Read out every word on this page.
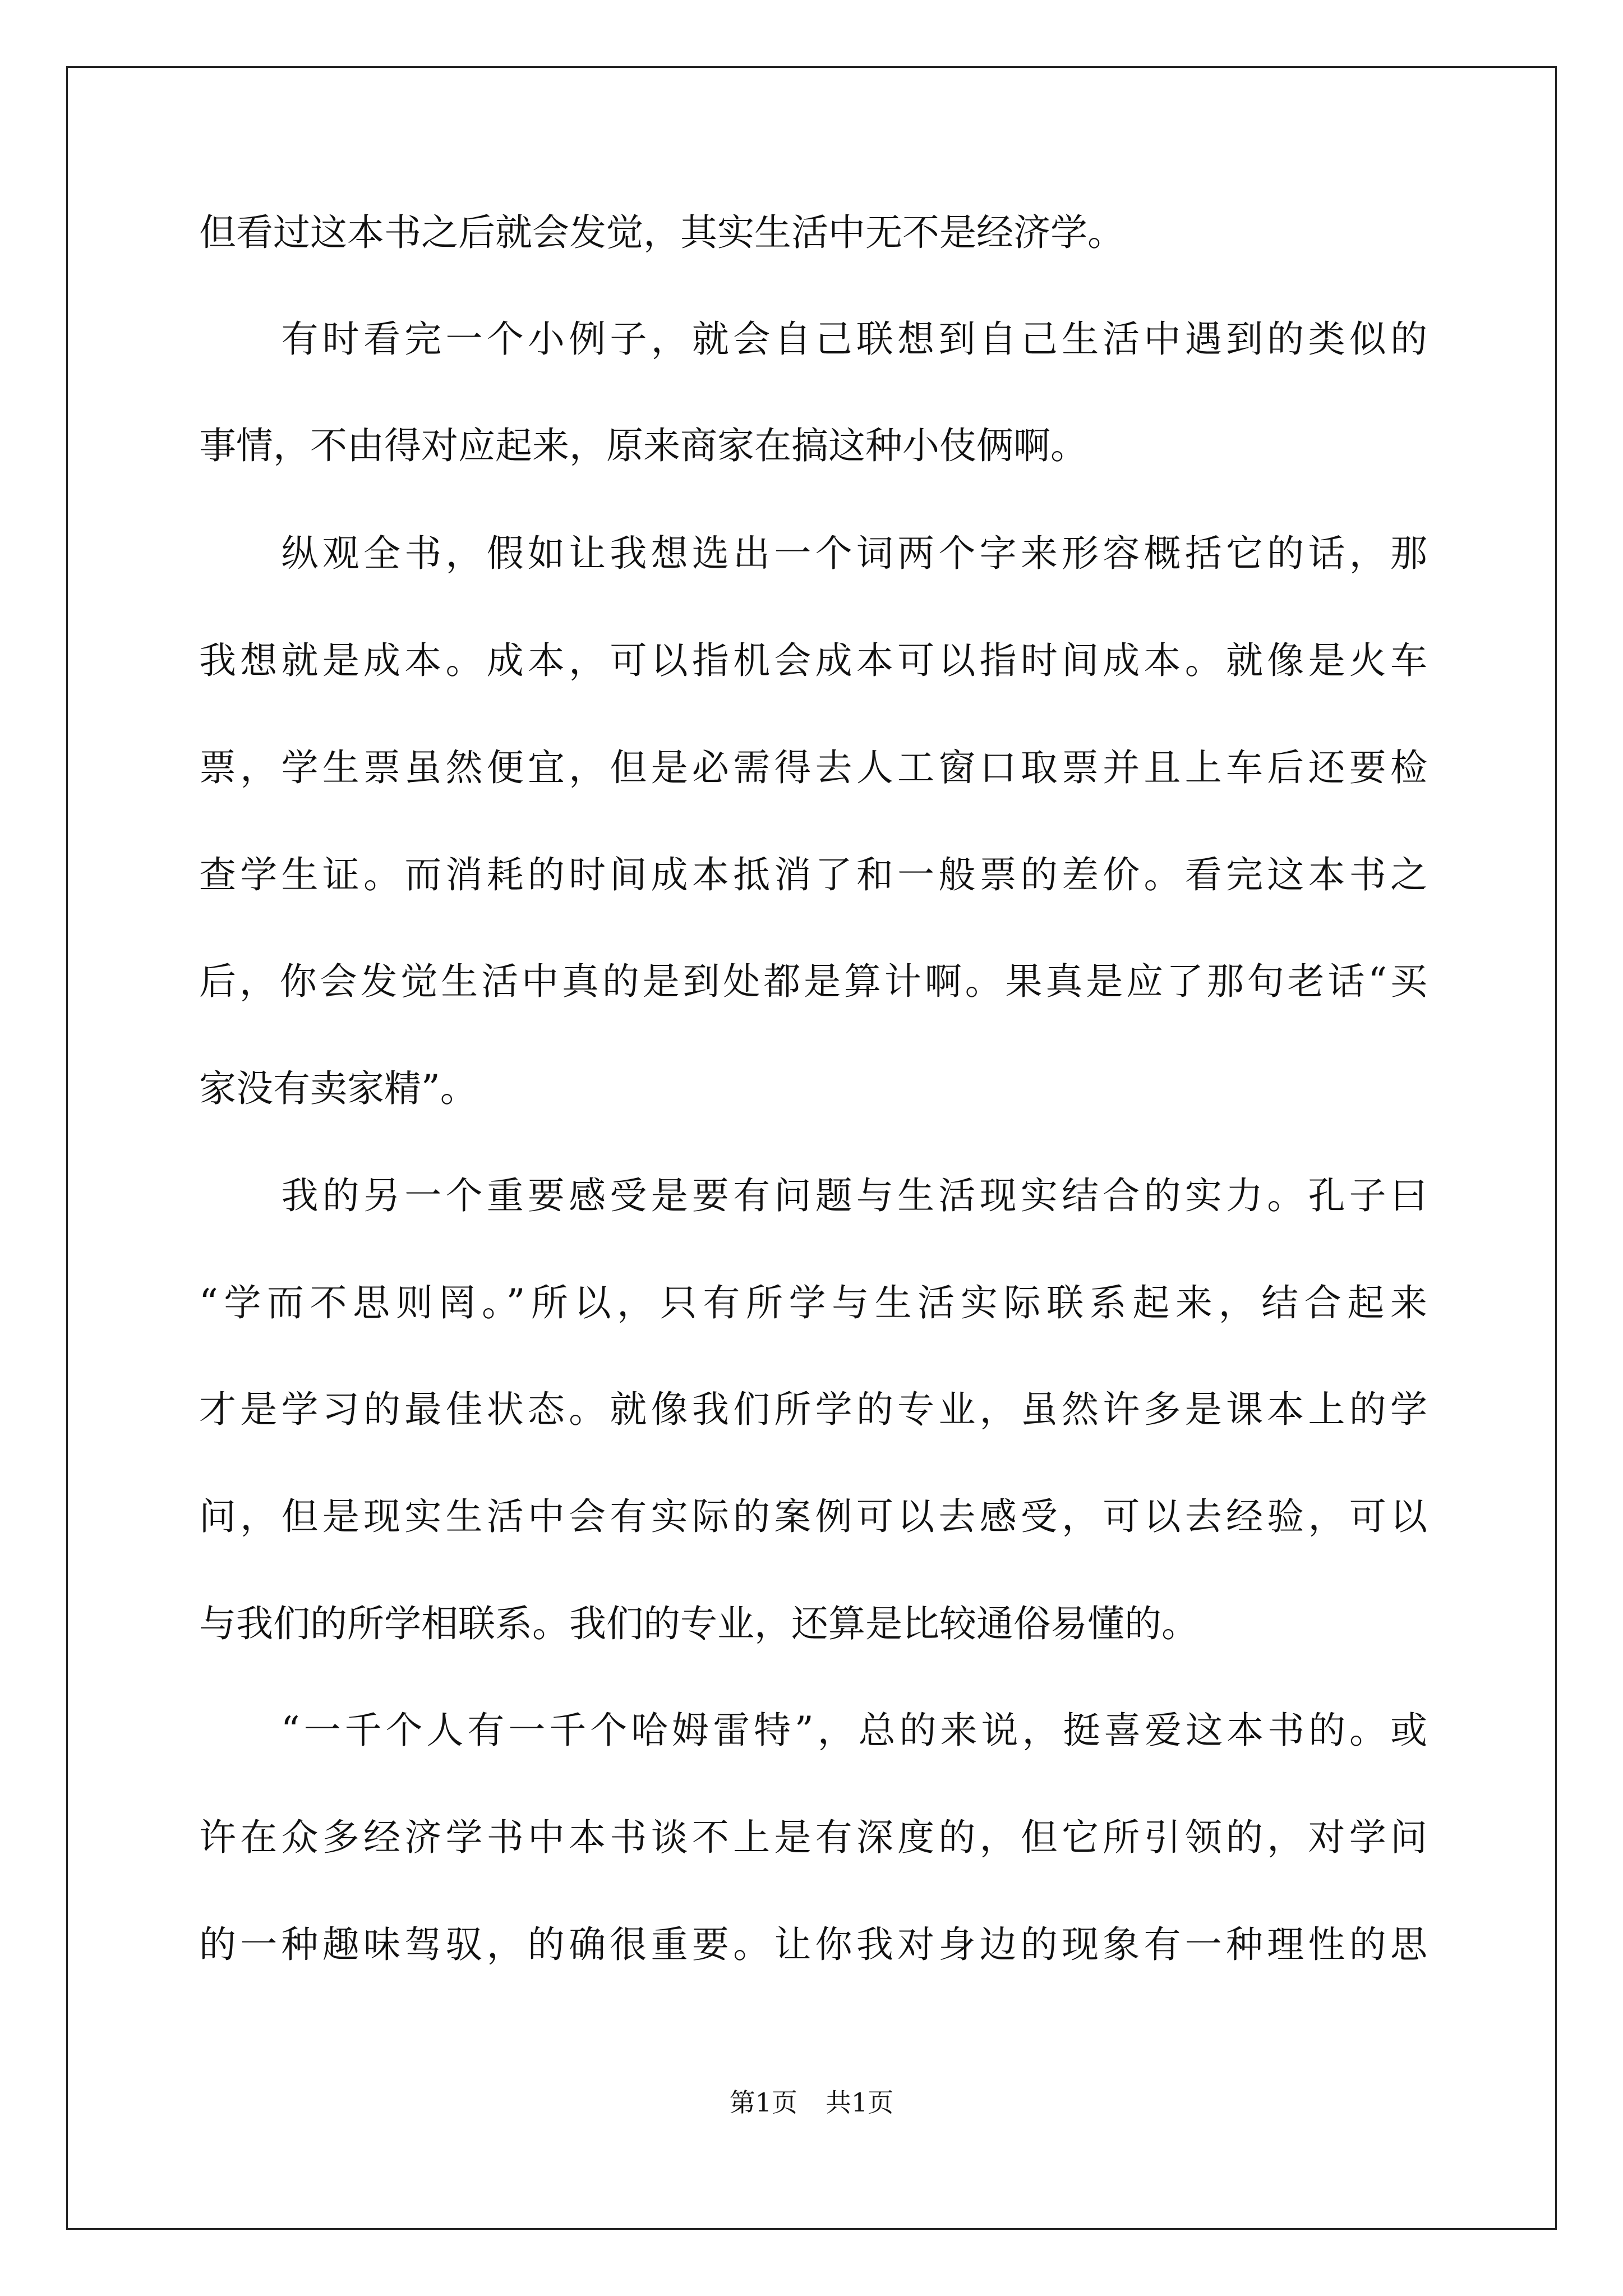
但看过这本书之后就会发觉，其实生活中无不是经济学。
　　有时看完一个小例子，就会自己联想到自己生活中遇到的类似的
事情，不由得对应起来，原来商家在搞这种小伎俩啊。
　　纵观全书，假如让我想选出一个词两个字来形容概括它的话，那
我想就是成本。成本，可以指机会成本可以指时间成本。就像是火车
票，学生票虽然便宜，但是必需得去人工窗口取票并且上车后还要检
查学生证。而消耗的时间成本抵消了和一般票的差价。看完这本书之
后，你会发觉生活中真的是到处都是算计啊。果真是应了那句老话“买
家没有卖家精”。
　　我的另一个重要感受是要有问题与生活现实结合的实力。孔子曰
“学而不思则罔。”所以，只有所学与生活实际联系起来，结合起来
才是学习的最佳状态。就像我们所学的专业，虽然许多是课本上的学
问，但是现实生活中会有实际的案例可以去感受，可以去经验，可以
与我们的所学相联系。我们的专业，还算是比较通俗易懂的。
　　“一千个人有一千个哈姆雷特”，总的来说，挺喜爱这本书的。或
许在众多经济学书中本书谈不上是有深度的，但它所引领的，对学问
的一种趣味驾驭，的确很重要。让你我对身边的现象有一种理性的思
第1页 共1页
